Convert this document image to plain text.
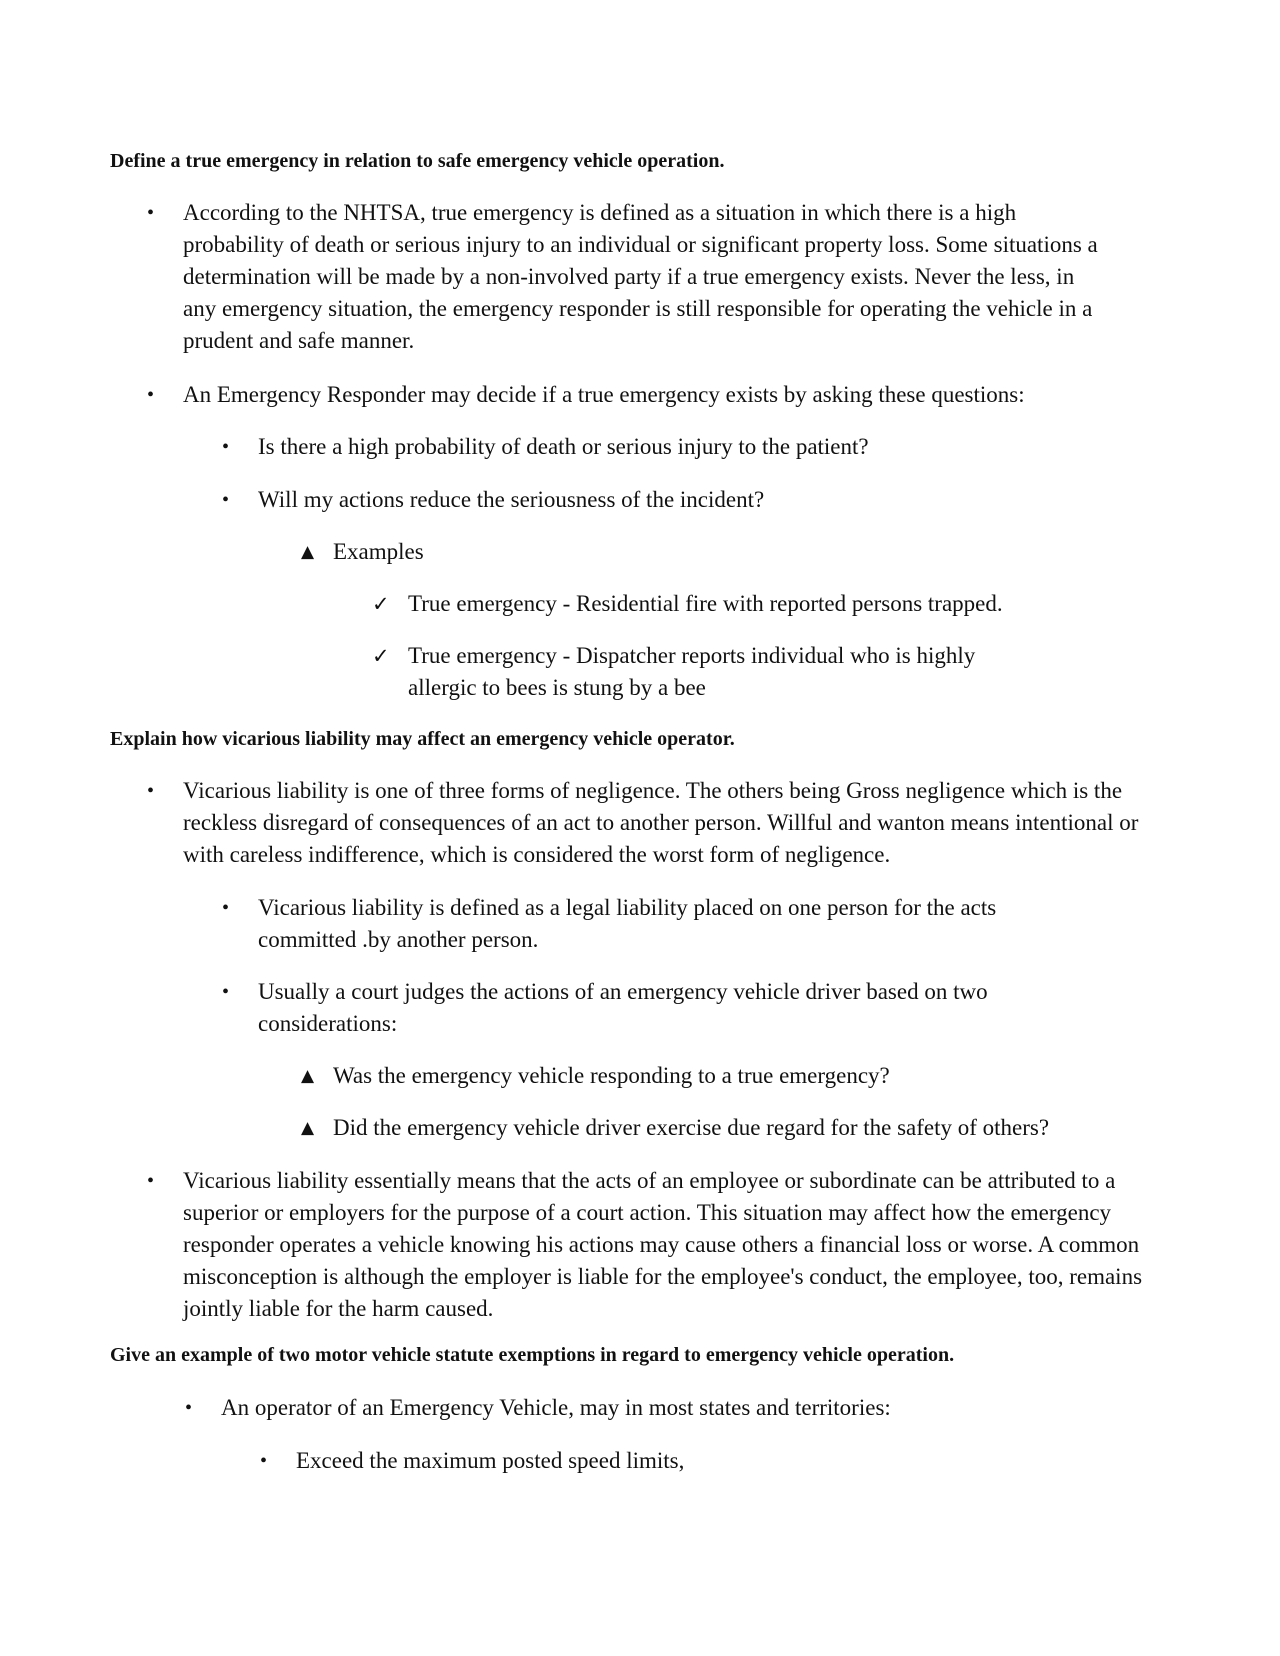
Define a true emergency in relation to safe emergency vehicle operation.
• According to the NHTSA, true emergency is defined as a situation in which there is a high probability of death or serious injury to an individual or significant property loss. Some situations a determination will be made by a non-involved party if a true emergency exists. Never the less, in any emergency situation, the emergency responder is still responsible for operating the vehicle in a prudent and safe manner.
• An Emergency Responder may decide if a true emergency exists by asking these questions:
• Is there a high probability of death or serious injury to the patient?
• Will my actions reduce the seriousness of the incident?
▲ Examples
✓ True emergency - Residential fire with reported persons trapped.
✓ True emergency - Dispatcher reports individual who is highly allergic to bees is stung by a bee
Explain how vicarious liability may affect an emergency vehicle operator.
• Vicarious liability is one of three forms of negligence. The others being Gross negligence which is the reckless disregard of consequences of an act to another person. Willful and wanton means intentional or with careless indifference, which is considered the worst form of negligence.
• Vicarious liability is defined as a legal liability placed on one person for the acts committed .by another person.
• Usually a court judges the actions of an emergency vehicle driver based on two considerations:
▲ Was the emergency vehicle responding to a true emergency?
▲ Did the emergency vehicle driver exercise due regard for the safety of others?
• Vicarious liability essentially means that the acts of an employee or subordinate can be attributed to a superior or employers for the purpose of a court action. This situation may affect how the emergency responder operates a vehicle knowing his actions may cause others a financial loss or worse. A common misconception is although the employer is liable for the employee's conduct, the employee, too, remains jointly liable for the harm caused.
Give an example of two motor vehicle statute exemptions in regard to emergency vehicle operation.
• An operator of an Emergency Vehicle, may in most states and territories:
• Exceed the maximum posted speed limits,
